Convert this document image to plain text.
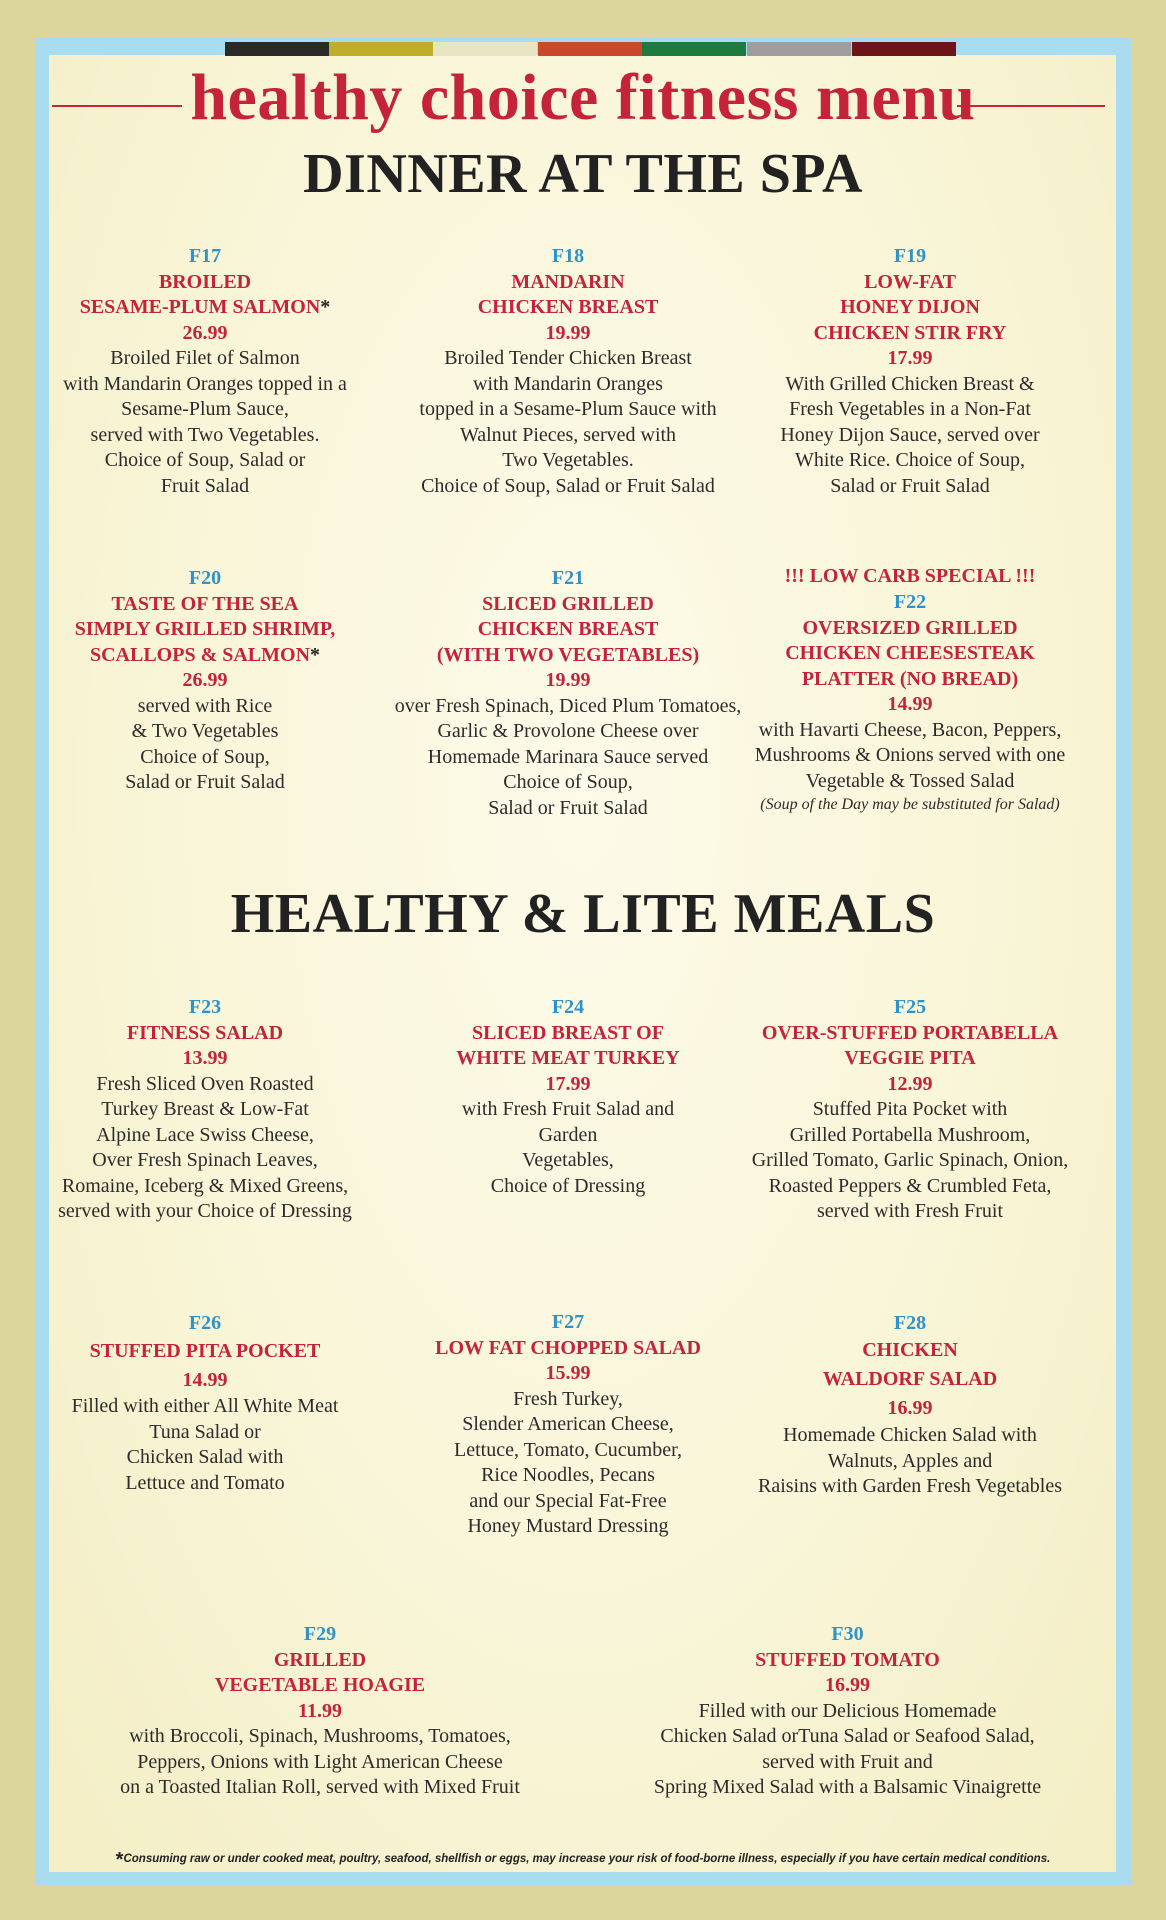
healthy choice fitness menu
DINNER AT THE SPA
F17
BROILED
SESAME-PLUM SALMON*
26.99
Broiled Filet of Salmon
with Mandarin Oranges topped in a
Sesame-Plum Sauce,
served with Two Vegetables.
Choice of Soup, Salad or
Fruit Salad
F18
MANDARIN
CHICKEN BREAST
19.99
Broiled Tender Chicken Breast
with Mandarin Oranges
topped in a Sesame-Plum Sauce with
Walnut Pieces, served with
Two Vegetables.
Choice of Soup, Salad or Fruit Salad
F19
LOW-FAT
HONEY DIJON
CHICKEN STIR FRY
17.99
With Grilled Chicken Breast &
Fresh Vegetables in a Non-Fat
Honey Dijon Sauce, served over
White Rice. Choice of Soup,
Salad or Fruit Salad
F20
TASTE OF THE SEA
SIMPLY GRILLED SHRIMP,
SCALLOPS & SALMON*
26.99
served with Rice
& Two Vegetables
Choice of Soup,
Salad or Fruit Salad
F21
SLICED GRILLED
CHICKEN BREAST
(WITH TWO VEGETABLES)
19.99
over Fresh Spinach, Diced Plum Tomatoes,
Garlic & Provolone Cheese over
Homemade Marinara Sauce served
Choice of Soup,
Salad or Fruit Salad
!!! LOW CARB SPECIAL !!!
F22
OVERSIZED GRILLED
CHICKEN CHEESESTEAK
PLATTER (NO BREAD)
14.99
with Havarti Cheese, Bacon, Peppers,
Mushrooms & Onions served with one
Vegetable & Tossed Salad
(Soup of the Day may be substituted for Salad)
HEALTHY & LITE MEALS
F23
FITNESS SALAD
13.99
Fresh Sliced Oven Roasted
Turkey Breast & Low-Fat
Alpine Lace Swiss Cheese,
Over Fresh Spinach Leaves,
Romaine, Iceberg & Mixed Greens,
served with your Choice of Dressing
F24
SLICED BREAST OF
WHITE MEAT TURKEY
17.99
with Fresh Fruit Salad and
Garden
Vegetables,
Choice of Dressing
F25
OVER-STUFFED PORTABELLA
VEGGIE PITA
12.99
Stuffed Pita Pocket with
Grilled Portabella Mushroom,
Grilled Tomato, Garlic Spinach, Onion,
Roasted Peppers & Crumbled Feta,
served with Fresh Fruit
F26
STUFFED PITA POCKET
14.99
Filled with either All White Meat
Tuna Salad or
Chicken Salad with
Lettuce and Tomato
F27
LOW FAT CHOPPED SALAD
15.99
Fresh Turkey,
Slender American Cheese,
Lettuce, Tomato, Cucumber,
Rice Noodles, Pecans
and our Special Fat-Free
Honey Mustard Dressing
F28
CHICKEN
WALDORF SALAD
16.99
Homemade Chicken Salad with
Walnuts, Apples and
Raisins with Garden Fresh Vegetables
F29
GRILLED
VEGETABLE HOAGIE
11.99
with Broccoli, Spinach, Mushrooms, Tomatoes,
Peppers, Onions with Light American Cheese
on a Toasted Italian Roll, served with Mixed Fruit
F30
STUFFED TOMATO
16.99
Filled with our Delicious Homemade
Chicken Salad orTuna Salad or Seafood Salad,
served with Fruit and
Spring Mixed Salad with a Balsamic Vinaigrette
*Consuming raw or under cooked meat, poultry, seafood, shellfish or eggs, may increase your risk of food-borne illness, especially if you have certain medical conditions.
